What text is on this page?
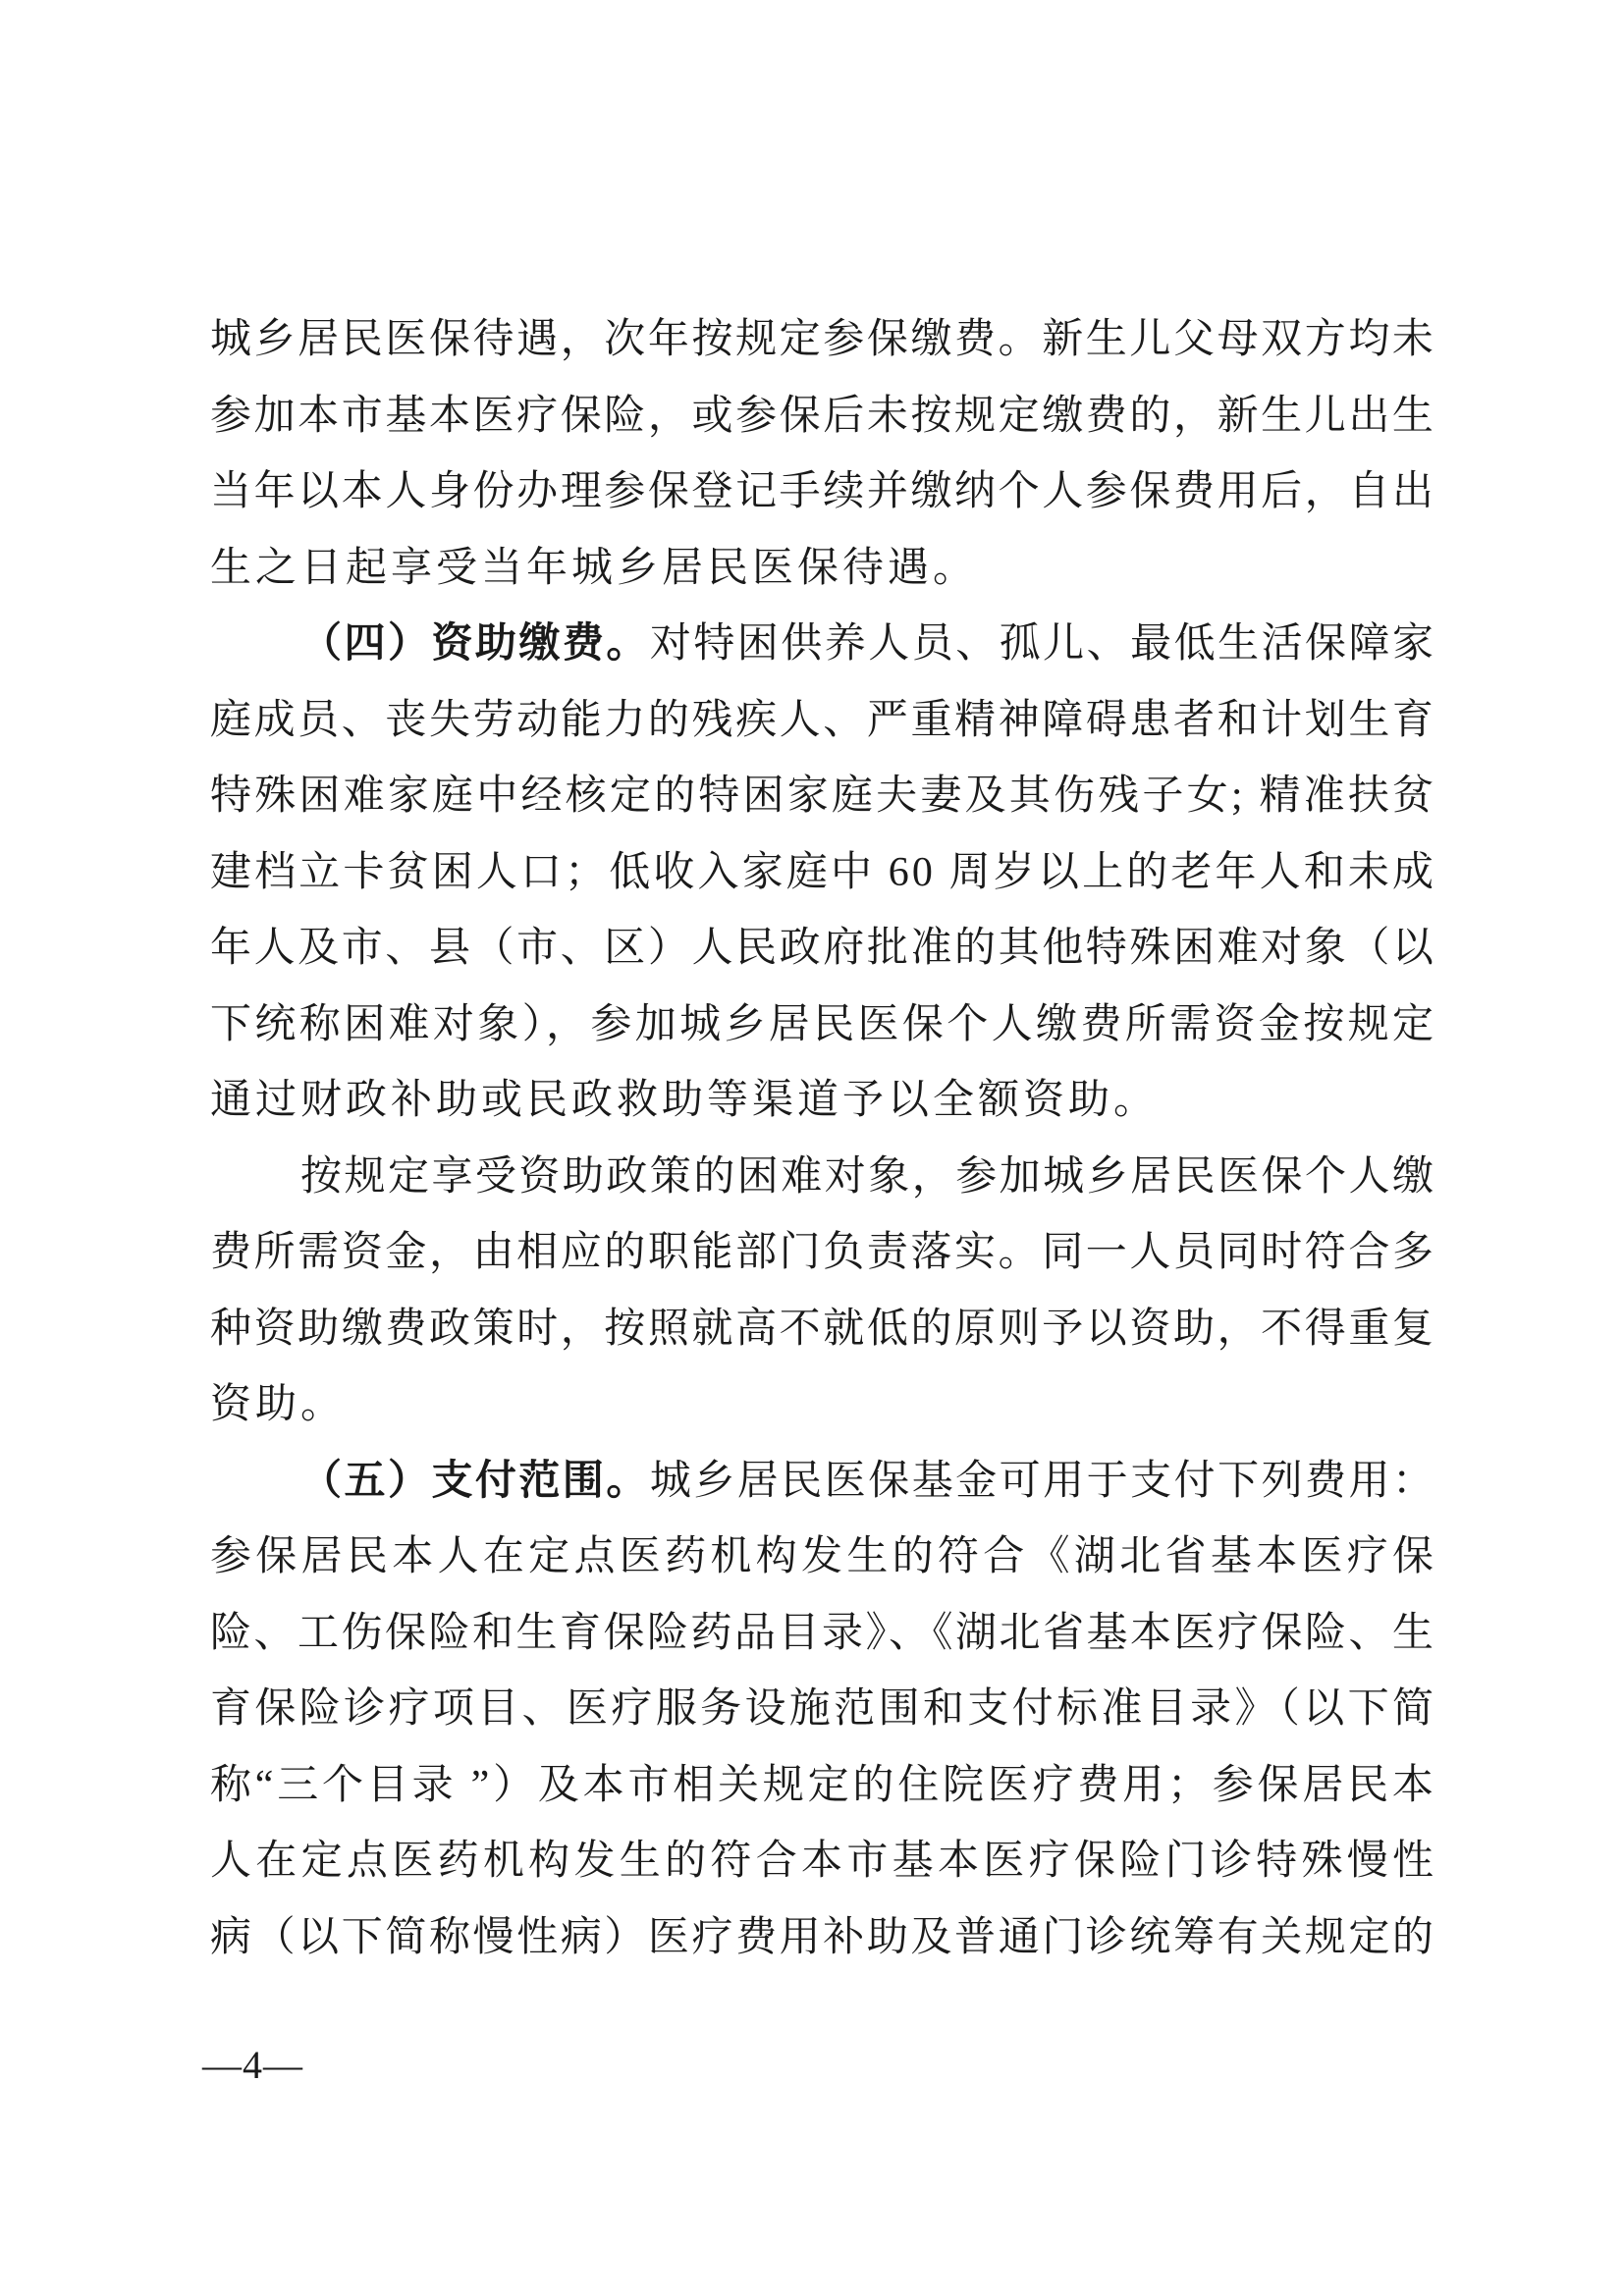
城乡居民医保待遇，次年按规定参保缴费。新生儿父母双方均未
参加本市基本医疗保险，或参保后未按规定缴费的，新生儿出生
当年以本人身份办理参保登记手续并缴纳个人参保费用后，自出
生之日起享受当年城乡居民医保待遇。
（四）资助缴费。对特困供养人员、孤儿、最低生活保障家
庭成员、丧失劳动能力的残疾人、严重精神障碍患者和计划生育
特殊困难家庭中经核定的特困家庭夫妻及其伤残子女; 精准扶贫
建档立卡贫困人口；低收入家庭中 60 周岁以上的老年人和未成
年人及市、县（市、区）人民政府批准的其他特殊困难对象（以
下统称困难对象），参加城乡居民医保个人缴费所需资金按规定
通过财政补助或民政救助等渠道予以全额资助。
按规定享受资助政策的困难对象，参加城乡居民医保个人缴
费所需资金，由相应的职能部门负责落实。同一人员同时符合多
种资助缴费政策时，按照就高不就低的原则予以资助，不得重复
资助。
（五）支付范围。城乡居民医保基金可用于支付下列费用：
参保居民本人在定点医药机构发生的符合《湖北省基本医疗保
险、工伤保险和生育保险药品目录》、《湖北省基本医疗保险、生
育保险诊疗项目、医疗服务设施范围和支付标准目录》（以下简
称“三个目录 ”）及本市相关规定的住院医疗费用；参保居民本
人在定点医药机构发生的符合本市基本医疗保险门诊特殊慢性
病（以下简称慢性病）医疗费用补助及普通门诊统筹有关规定的
—4—
